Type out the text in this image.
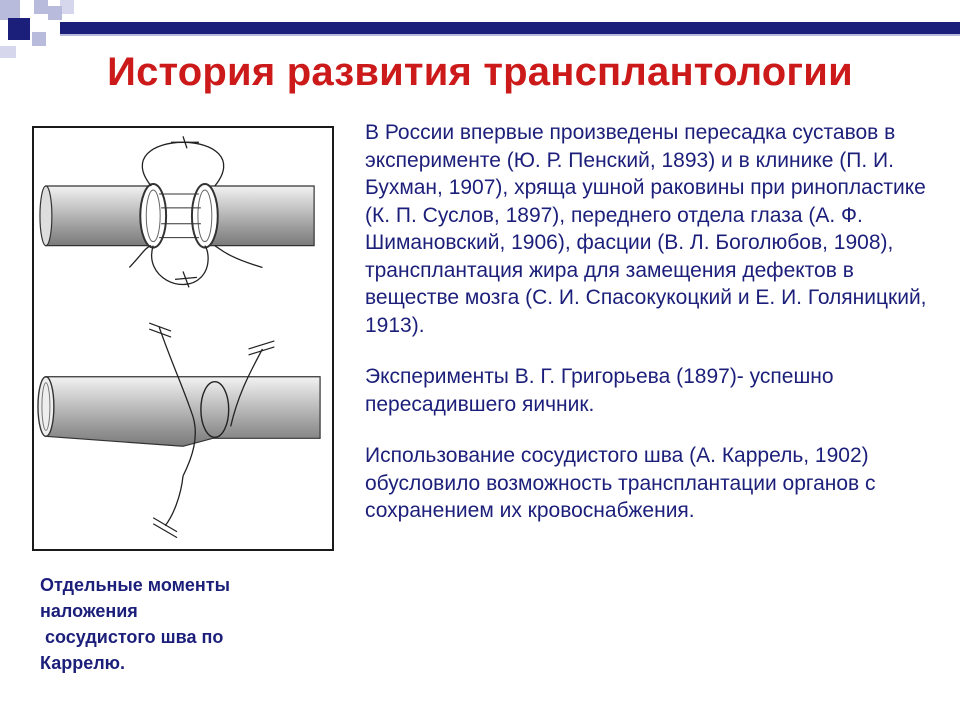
История развития трансплантологии
Отдельные моменты
наложения
сосудистого шва по
Каррелю.

В России впервые произведены пересадка суставов в эксперименте (Ю. Р. Пенский, 1893) и в клинике (П. И. Бухман, 1907), хряща ушной раковины при ринопластике (К. П. Суслов, 1897), переднего отдела глаза (А. Ф. Шимановский, 1906), фасции (В. Л. Боголюбов, 1908), трансплантация жира для замещения дефектов в веществе мозга (С. И. Спасокукоцкий и Е. И. Голяницкий, 1913).

Эксперименты В. Г. Григорьева (1897)- успешно пересадившего яичник.

Использование сосудистого шва (А. Каррель, 1902) обусловило возможность трансплантации органов с сохранением их кровоснабжения.
